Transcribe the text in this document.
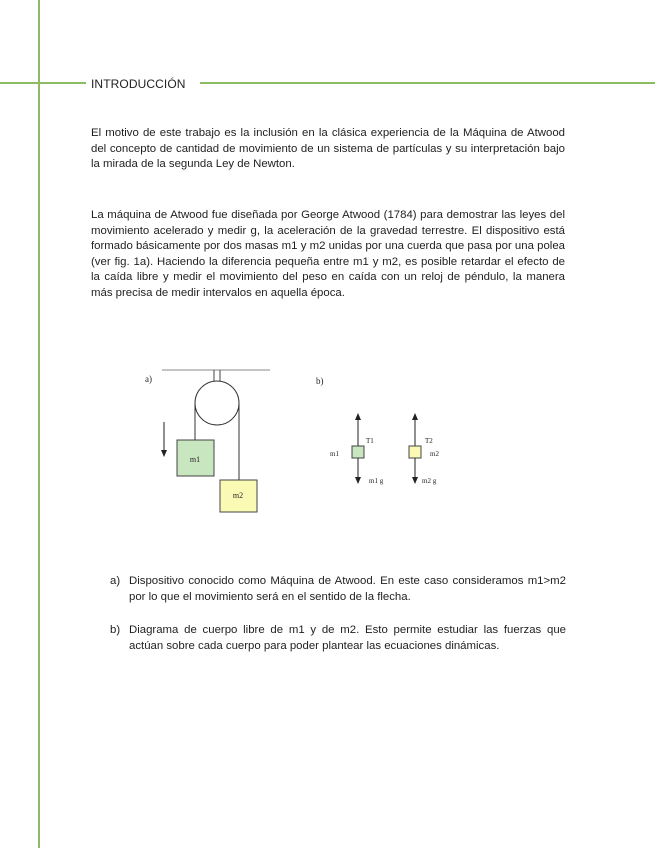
INTRODUCCIÓN

El motivo de este trabajo es la inclusión en la clásica experiencia de la Máquina de Atwood del concepto de cantidad de movimiento de un sistema de partículas y su interpretación bajo la mirada de la segunda Ley de Newton.

La máquina de Atwood fue diseñada por George Atwood (1784) para demostrar las leyes del movimiento acelerado y medir g, la aceleración de la gravedad terrestre. El dispositivo está formado básicamente por dos masas m1 y m2 unidas por una cuerda que pasa por una polea (ver fig. 1a). Haciendo la diferencia pequeña entre m1 y m2, es posible retardar el efecto de la caída libre y medir el movimiento del peso en caída con un reloj de péndulo, la manera más precisa de medir intervalos en aquella época.

a)
m1
m2
b)
T1
m1
m1 g
T2
m2
m2 g
a) Dispositivo conocido como Máquina de Atwood. En este caso consideramos m1>m2 por lo que el movimiento será en el sentido de la flecha.
b) Diagrama de cuerpo libre de m1 y de m2. Esto permite estudiar las fuerzas que actúan sobre cada cuerpo para poder plantear las ecuaciones dinámicas.
